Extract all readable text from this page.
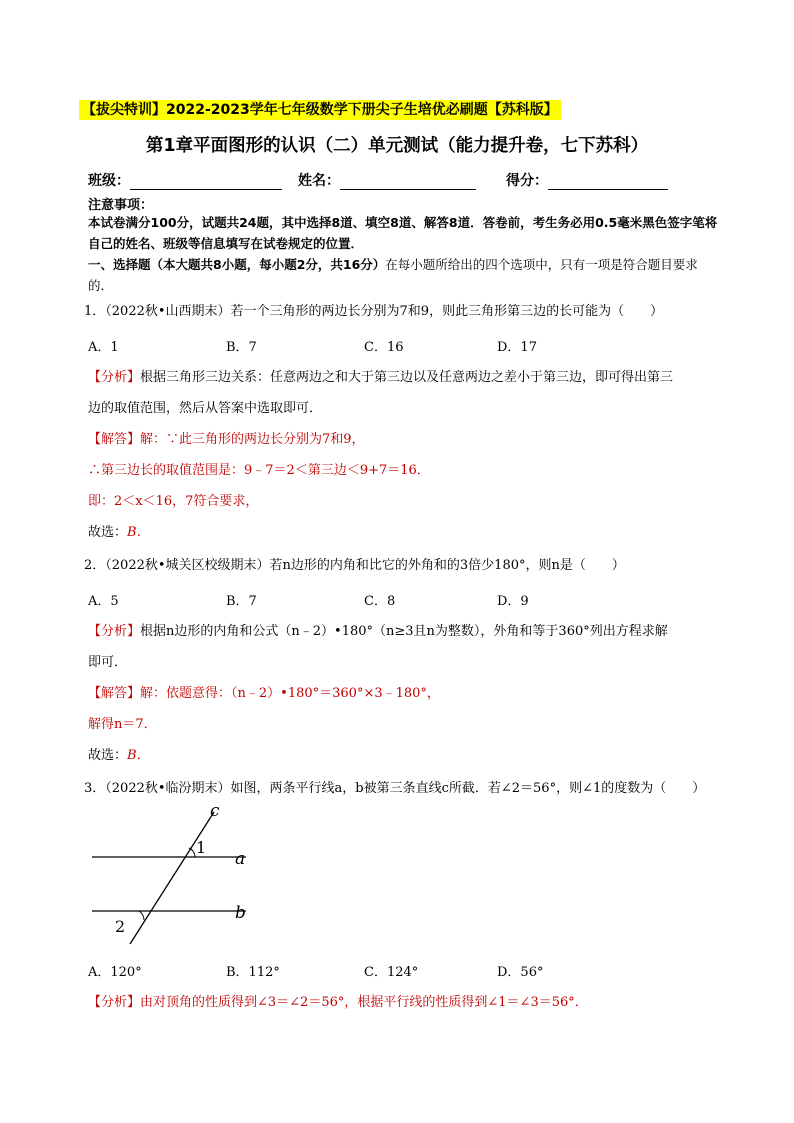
【拔尖特训】2022-2023学年七年级数学下册尖子生培优必刷题【苏科版】
第1章平面图形的认识（二）单元测试（能力提升卷，七下苏科）
班级：	姓名：	得分：
注意事项：
本试卷满分100分，试题共24题，其中选择8道、填空8道、解答8道．答卷前，考生务必用0.5毫米黑色签字笔将自己的姓名、班级等信息填写在试卷规定的位置．
一、选择题（本大题共8小题，每小题2分，共16分）在每小题所给出的四个选项中，只有一项是符合题目要求的．
1．（2022秋•山西期末）若一个三角形的两边长分别为7和9，则此三角形第三边的长可能为（　　）
A．1	B．7	C．16	D．17
【分析】根据三角形三边关系：任意两边之和大于第三边以及任意两边之差小于第三边，即可得出第三
边的取值范围，然后从答案中选取即可．
【解答】解：∵此三角形的两边长分别为7和9，
∴第三边长的取值范围是：9﹣7＝2＜第三边＜9+7＝16．
即：2＜x＜16，7符合要求，
故选：B．
2．（2022秋•城关区校级期末）若n边形的内角和比它的外角和的3倍少180°，则n是（　　）
A．5	B．7	C．8	D．9
【分析】根据n边形的内角和公式（n﹣2）•180°（n≥3且n为整数），外角和等于360°列出方程求解
即可．
【解答】解：依题意得：（n﹣2）•180°＝360°×3﹣180°，
解得n＝7．
故选：B．
3．（2022秋•临汾期末）如图，两条平行线a，b被第三条直线c所截．若∠2＝56°，则∠1的度数为（　　）
c
a
b
1
2
A．120°	B．112°	C．124°	D．56°
【分析】由对顶角的性质得到∠3＝∠2＝56°，根据平行线的性质得到∠1＝∠3＝56°．
